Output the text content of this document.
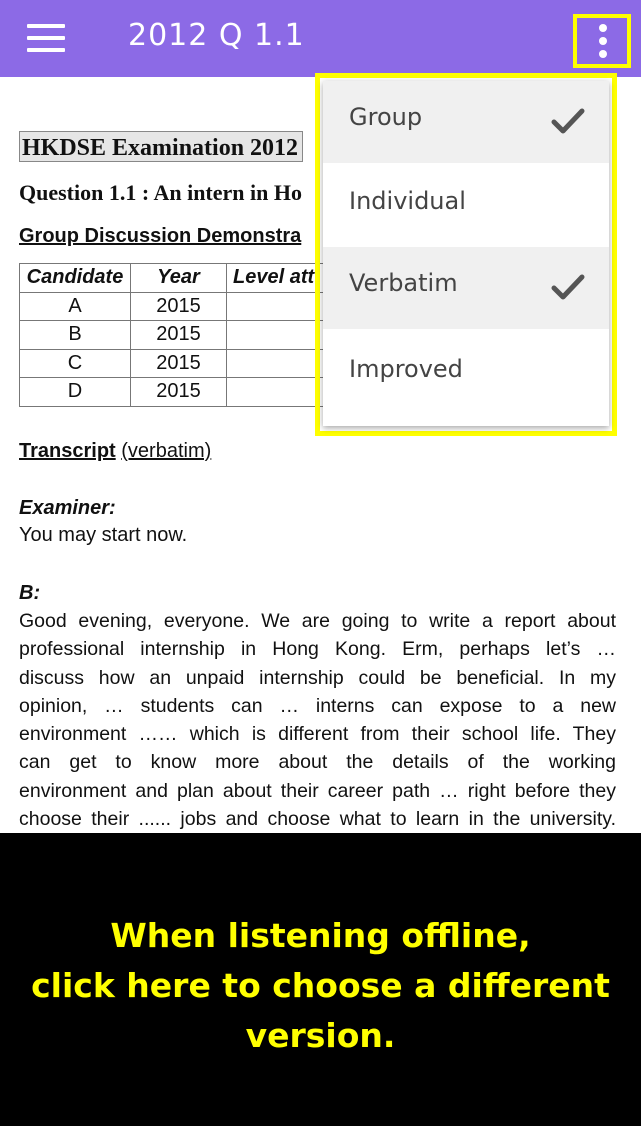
2012 Q 1.1
HKDSE Examination 2012
Question 1.1 : An intern in Ho
Group Discussion Demonstra
Candidate	Year	Level att
A	2015	
B	2015	
C	2015	
D	2015	
Transcript (verbatim)
Examiner:
You may start now.
B:
Good evening, everyone. We are going to write a report about
professional internship in Hong Kong. Erm, perhaps let’s …
discuss how an unpaid internship could be beneficial. In my
opinion, … students can … interns can expose to a new
environment …… which is different from their school life. They
can get to know more about the details of the working
environment and plan about their career path … right before they
choose their ...... jobs and choose what to learn in the university.
Group
Individual
Verbatim
Improved
When listening offline,
click here to choose a different
version.
